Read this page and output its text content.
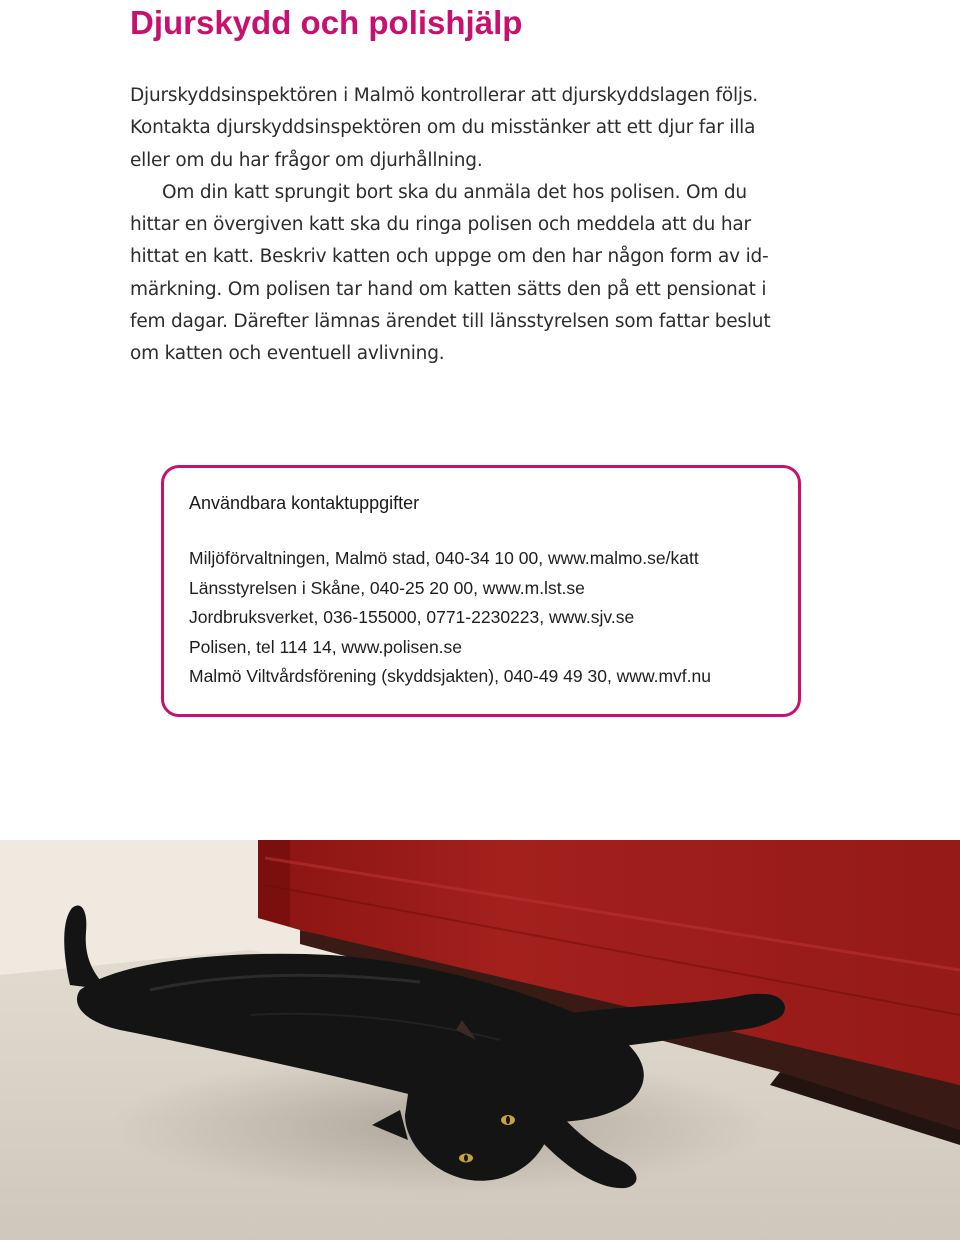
Djurskydd och polishjälp

Djurskyddsinspektören i Malmö kontrollerar att djurskyddslagen följs. Kontakta djurskyddsinspektören om du misstänker att ett djur far illa eller om du har frågor om djurhållning.

Om din katt sprungit bort ska du anmäla det hos polisen. Om du hittar en övergiven katt ska du ringa polisen och meddela att du har hittat en katt. Beskriv katten och uppge om den har någon form av id-märkning. Om polisen tar hand om katten sätts den på ett pensionat i fem dagar. Därefter lämnas ärendet till länsstyrelsen som fattar beslut om katten och eventuell avlivning.

Användbara kontaktuppgifter
Miljöförvaltningen, Malmö stad, 040-34 10 00, www.malmo.se/katt
Länsstyrelsen i Skåne, 040-25 20 00, www.m.lst.se
Jordbruksverket, 036-155000, 0771-2230223, www.sjv.se
Polisen, tel 114 14, www.polisen.se
Malmö Viltvårdsförening (skyddsjakten), 040-49 49 30, www.mvf.nu
